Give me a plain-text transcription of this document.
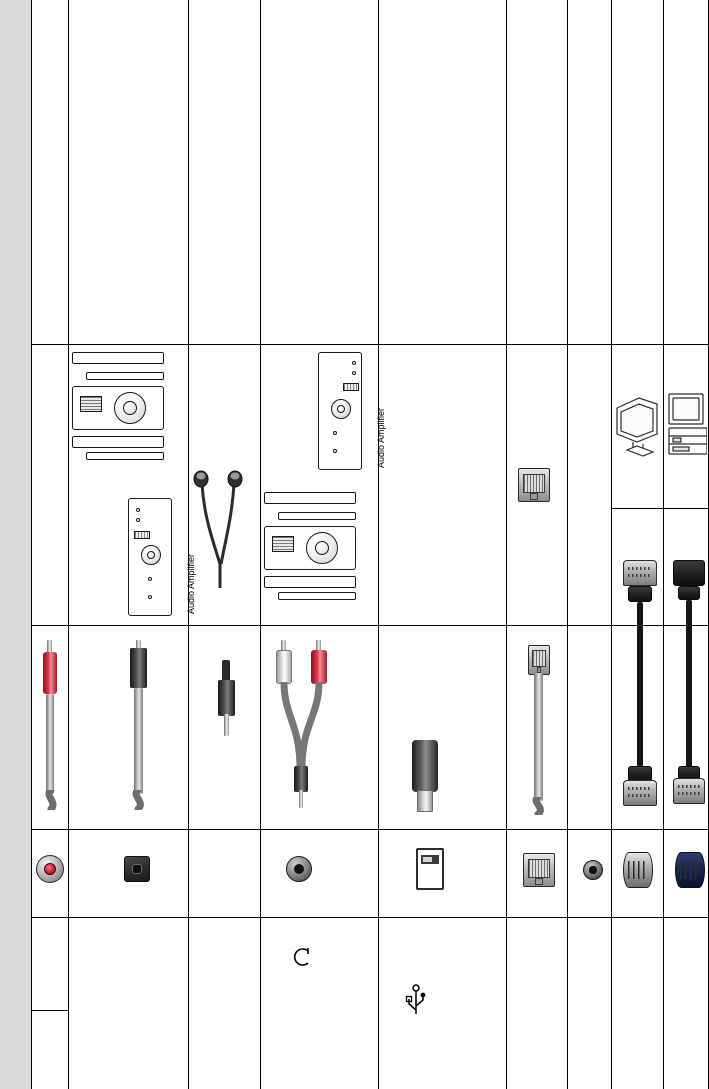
Audio Amplifier
Audio Amplifier
